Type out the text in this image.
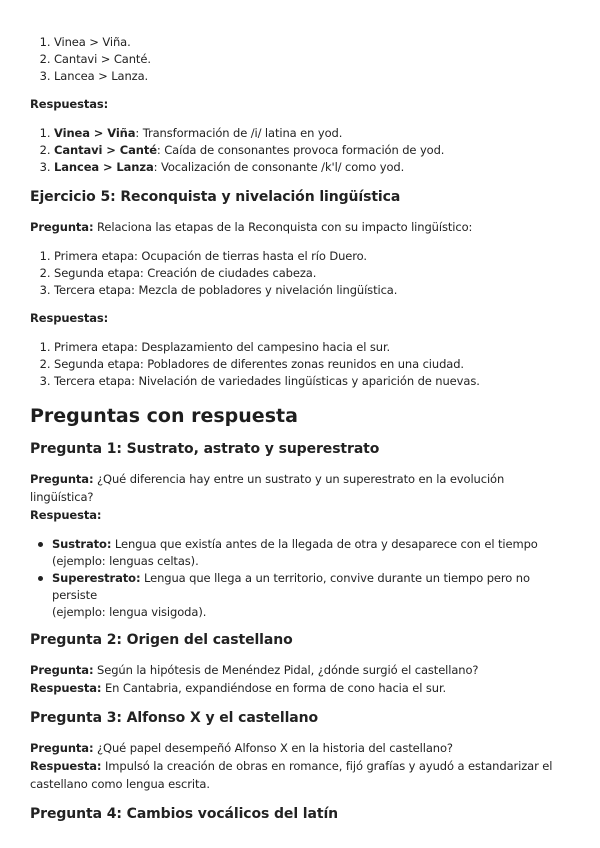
1. Vinea > Viña.
2. Cantavi > Canté.
3. Lancea > Lanza.

Respuestas:

1. Vinea > Viña: Transformación de /i/ latina en yod.
2. Cantavi > Canté: Caída de consonantes provoca formación de yod.
3. Lancea > Lanza: Vocalización de consonante /k'l/ como yod.

Ejercicio 5: Reconquista y nivelación lingüística

Pregunta: Relaciona las etapas de la Reconquista con su impacto lingüístico:

1. Primera etapa: Ocupación de tierras hasta el río Duero.
2. Segunda etapa: Creación de ciudades cabeza.
3. Tercera etapa: Mezcla de pobladores y nivelación lingüística.

Respuestas:

1. Primera etapa: Desplazamiento del campesino hacia el sur.
2. Segunda etapa: Pobladores de diferentes zonas reunidos en una ciudad.
3. Tercera etapa: Nivelación de variedades lingüísticas y aparición de nuevas.

Preguntas con respuesta

Pregunta 1: Sustrato, astrato y superestrato

Pregunta: ¿Qué diferencia hay entre un sustrato y un superestrato en la evolución lingüística?

Respuesta:

Sustrato: Lengua que existía antes de la llegada de otra y desaparece con el tiempo
(ejemplo: lenguas celtas).
Superestrato: Lengua que llega a un territorio, convive durante un tiempo pero no persiste
(ejemplo: lengua visigoda).

Pregunta 2: Origen del castellano

Pregunta: Según la hipótesis de Menéndez Pidal, ¿dónde surgió el castellano?

Respuesta: En Cantabria, expandiéndose en forma de cono hacia el sur.

Pregunta 3: Alfonso X y el castellano

Pregunta: ¿Qué papel desempeñó Alfonso X en la historia del castellano?

Respuesta: Impulsó la creación de obras en romance, fijó grafías y ayudó a estandarizar el
castellano como lengua escrita.

Pregunta 4: Cambios vocálicos del latín
